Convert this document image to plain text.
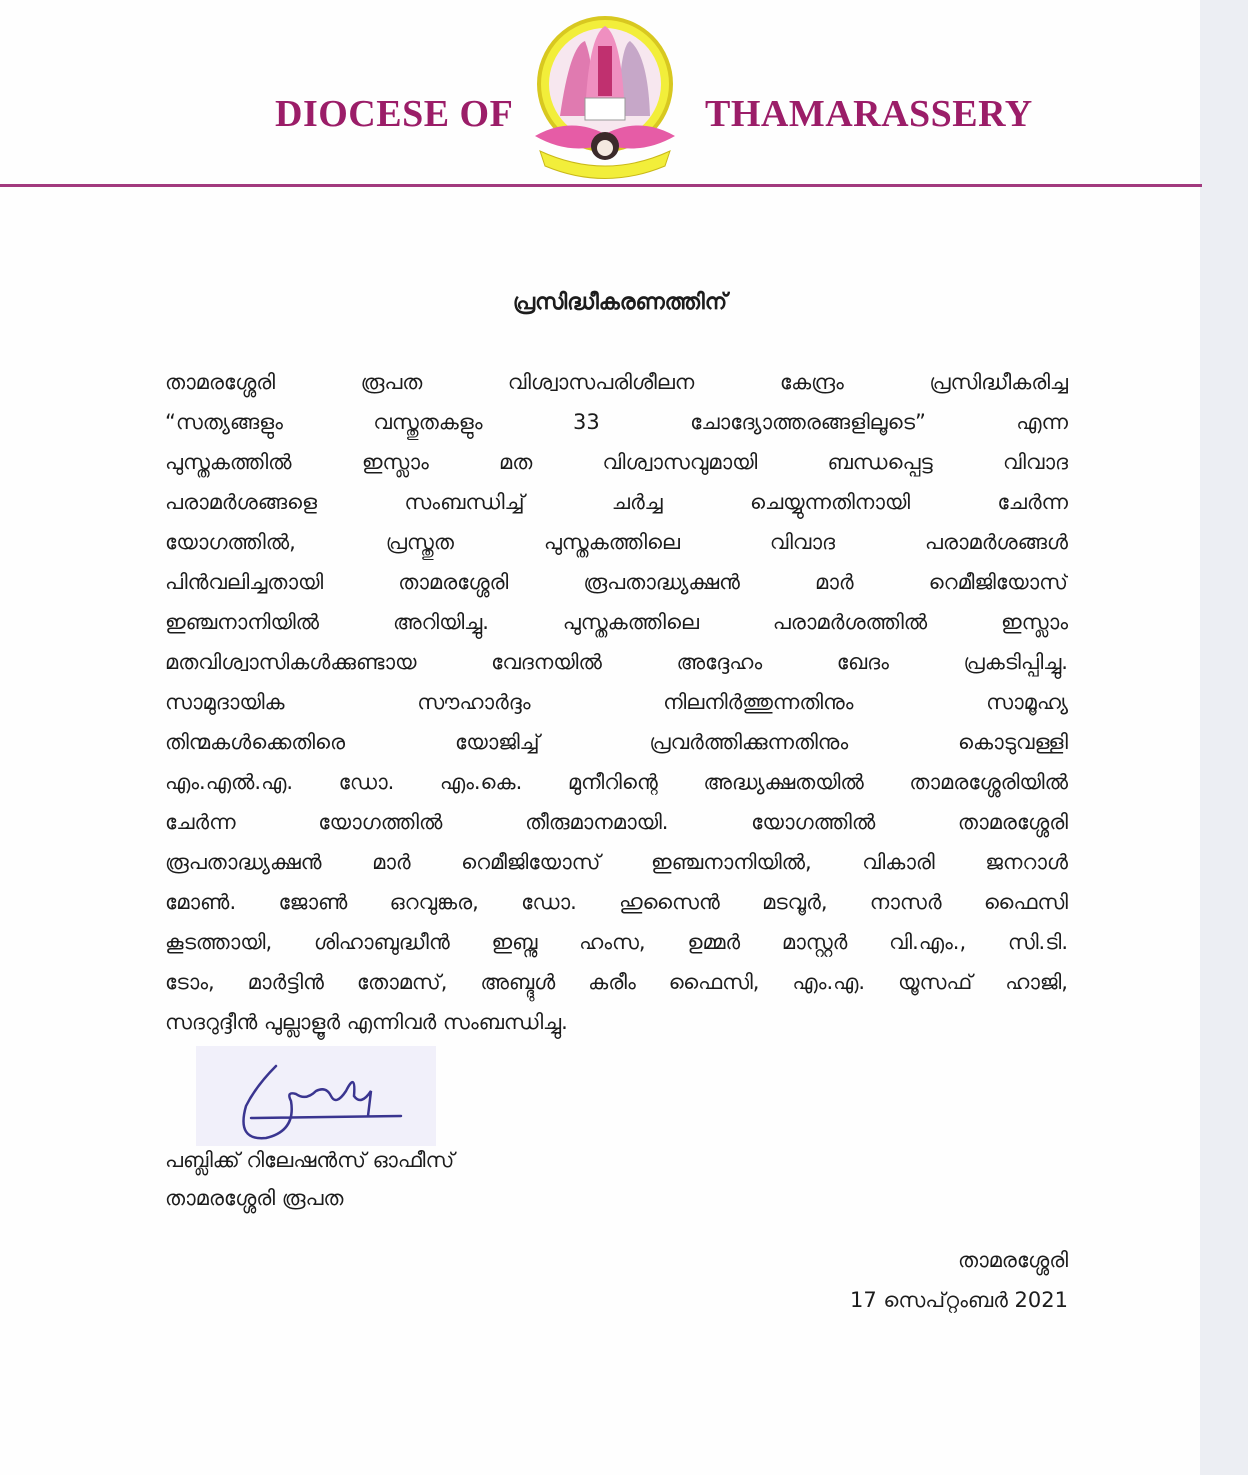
DIOCESE OF	THAMARASSERY
പ്രസിദ്ധീകരണത്തിന്
താമരശ്ശേരി രൂപത വിശ്വാസപരിശീലന കേന്ദ്രം പ്രസിദ്ധീകരിച്ച
“സത്യങ്ങളും വസ്തുതകളും 33 ചോദ്യോത്തരങ്ങളിലൂടെ” എന്ന
പുസ്തകത്തിൽ ഇസ്ലാം മത വിശ്വാസവുമായി ബന്ധപ്പെട്ട വിവാദ
പരാമർശങ്ങളെ സംബന്ധിച്ച് ചർച്ച ചെയ്യുന്നതിനായി ചേർന്ന
യോഗത്തിൽ, പ്രസ്തുത പുസ്തകത്തിലെ വിവാദ പരാമർശങ്ങൾ
പിൻവലിച്ചതായി താമരശ്ശേരി രൂപതാദ്ധ്യക്ഷൻ മാർ റെമീജിയോസ്
ഇഞ്ചനാനിയിൽ അറിയിച്ചു. പുസ്തകത്തിലെ പരാമർശത്തിൽ ഇസ്ലാം
മതവിശ്വാസികൾക്കുണ്ടായ വേദനയിൽ അദ്ദേഹം ഖേദം പ്രകടിപ്പിച്ചു.
സാമുദായിക സൗഹാർദ്ദം നിലനിർത്തുന്നതിനും സാമൂഹ്യ
തിന്മകൾക്കെതിരെ യോജിച്ച് പ്രവർത്തിക്കുന്നതിനും കൊടുവള്ളി
എം.എൽ.എ. ഡോ. എം.കെ. മുനീറിന്റെ അദ്ധ്യക്ഷതയിൽ താമരശ്ശേരിയിൽ
ചേർന്ന യോഗത്തിൽ തീരുമാനമായി. യോഗത്തിൽ താമരശ്ശേരി
രൂപതാദ്ധ്യക്ഷൻ മാർ റെമീജിയോസ് ഇഞ്ചനാനിയിൽ, വികാരി ജനറാൾ
മോൺ. ജോൺ ഒറവുങ്കര, ഡോ. ഹുസൈൻ മടവൂർ, നാസർ ഫൈസി
കൂടത്തായി, ശിഹാബുദ്ധീൻ ഇബ്നു ഹംസ, ഉമ്മർ മാസ്റ്റർ വി.എം., സി.ടി.
ടോം, മാർട്ടിൻ തോമസ്, അബ്ദുൾ കരീം ഫൈസി, എം.എ. യൂസഫ് ഹാജി,
സദറുദ്ദീൻ പുല്ലാളൂർ എന്നിവർ സംബന്ധിച്ചു.
പബ്ലിക്ക് റിലേഷൻസ് ഓഫീസ്
താമരശ്ശേരി രൂപത
താമരശ്ശേരി
17 സെപ്റ്റംബർ 2021
